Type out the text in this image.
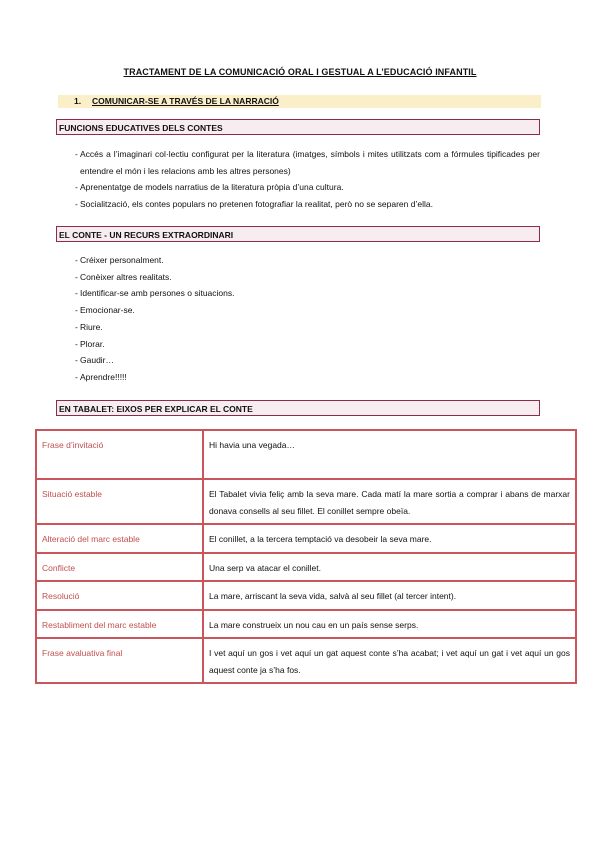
TRACTAMENT DE LA COMUNICACIÓ ORAL I GESTUAL A L’EDUCACIÓ INFANTIL
1. COMUNICAR-SE A TRAVÉS DE LA NARRACIÓ
FUNCIONS EDUCATIVES DELS CONTES
- Accés a l’imaginari col·lectiu configurat per la literatura (imatges, símbols i mites utilitzats com a fórmules tipificades per entendre el món i les relacions amb les altres persones)
- Aprenentatge de models narratius de la literatura pròpia d’una cultura.
- Socialització, els contes populars no pretenen fotografiar la realitat, però no se separen d’ella.
EL CONTE - UN RECURS EXTRAORDINARI
- Créixer personalment.
- Conèixer altres realitats.
- Identificar-se amb persones o situacions.
- Emocionar-se.
- Riure.
- Plorar.
- Gaudir…
- Aprendre!!!!!
EN TABALET: EIXOS PER EXPLICAR EL CONTE
Frase d’invitació	Hi havia una vegada…
Situació estable	El Tabalet vivia feliç amb la seva mare. Cada matí la mare sortia a comprar i abans de marxar donava consells al seu fillet. El conillet sempre obeïa.
Alteració del marc estable	El conillet, a la tercera temptació va desobeir la seva mare.
Conflicte	Una serp va atacar el conillet.
Resolució	La mare, arriscant la seva vida, salvà al seu fillet (al tercer intent).
Restabliment del marc estable	La mare construeix un nou cau en un país sense serps.
Frase avaluativa final	I vet aquí un gos i vet aquí un gat aquest conte s’ha acabat; i vet aquí un gat i vet aquí un gos aquest conte ja s’ha fos.
